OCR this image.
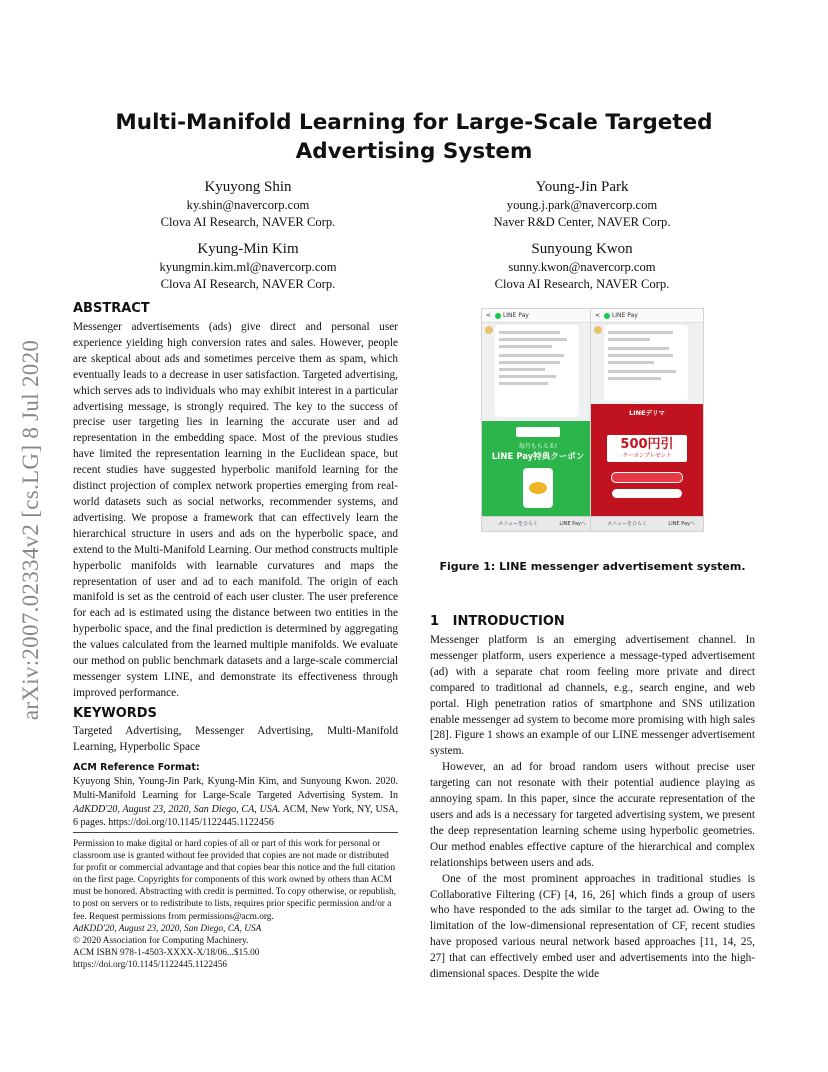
Multi-Manifold Learning for Large-Scale Targeted Advertising System
arXiv:2007.02334v2 [cs.LG] 8 Jul 2020
Kyuyong Shin
ky.shin@navercorp.com
Clova AI Research, NAVER Corp.
Young-Jin Park
young.j.park@navercorp.com
Naver R&D Center, NAVER Corp.
Kyung-Min Kim
kyungmin.kim.ml@navercorp.com
Clova AI Research, NAVER Corp.
Sunyoung Kwon
sunny.kwon@navercorp.com
Clova AI Research, NAVER Corp.
ABSTRACT
Messenger advertisements (ads) give direct and personal user experience yielding high conversion rates and sales. However, people are skeptical about ads and sometimes perceive them as spam, which eventually leads to a decrease in user satisfaction. Targeted advertising, which serves ads to individuals who may exhibit interest in a particular advertising message, is strongly required. The key to the success of precise user targeting lies in learning the accurate user and ad representation in the embedding space. Most of the previous studies have limited the representation learning in the Euclidean space, but recent studies have suggested hyperbolic manifold learning for the distinct projection of complex network properties emerging from real-world datasets such as social networks, recommender systems, and advertising. We propose a framework that can effectively learn the hierarchical structure in users and ads on the hyperbolic space, and extend to the Multi-Manifold Learning. Our method constructs multiple hyperbolic manifolds with learnable curvatures and maps the representation of user and ad to each manifold. The origin of each manifold is set as the centroid of each user cluster. The user preference for each ad is estimated using the distance between two entities in the hyperbolic space, and the final prediction is determined by aggregating the values calculated from the learned multiple manifolds. We evaluate our method on public benchmark datasets and a large-scale commercial messenger system LINE, and demonstrate its effectiveness through improved performance.
KEYWORDS
Targeted Advertising, Messenger Advertising, Multi-Manifold Learning, Hyperbolic Space
ACM Reference Format:
Kyuyong Shin, Young-Jin Park, Kyung-Min Kim, and Sunyoung Kwon. 2020. Multi-Manifold Learning for Large-Scale Targeted Advertising System. In AdKDD'20, August 23, 2020, San Diego, CA, USA. ACM, New York, NY, USA, 6 pages. https://doi.org/10.1145/1122445.1122456
Permission to make digital or hard copies of all or part of this work for personal or classroom use is granted without fee provided that copies are not made or distributed for profit or commercial advantage and that copies bear this notice and the full citation on the first page. Copyrights for components of this work owned by others than ACM must be honored. Abstracting with credit is permitted. To copy otherwise, or republish, to post on servers or to redistribute to lists, requires prior specific permission and/or a fee. Request permissions from permissions@acm.org.
AdKDD'20, August 23, 2020, San Diego, CA, USA
© 2020 Association for Computing Machinery.
ACM ISBN 978-1-4503-XXXX-X/18/06...$15.00
https://doi.org/10.1145/1122445.1122456
< LINE Pay
毎月もらえる!
LINE Pay特典クーポン
メニューをひらく	LINE Payへ
< LINE Pay
LINEデリマ
500円引
クーポンプレゼント
メニューをひらく	LINE Payへ
Figure 1: LINE messenger advertisement system.
1 INTRODUCTION

Messenger platform is an emerging advertisement channel. In messenger platform, users experience a message-typed advertisement (ad) with a separate chat room feeling more private and direct compared to traditional ad channels, e.g., search engine, and web portal. High penetration ratios of smartphone and SNS utilization enable messenger ad system to become more promising with high sales [28]. Figure 1 shows an example of our LINE messenger advertisement system.

However, an ad for broad random users without precise user targeting can not resonate with their potential audience playing as annoying spam. In this paper, since the accurate representation of the users and ads is a necessary for targeted advertising system, we present the deep representation learning scheme using hyperbolic geometries. Our method enables effective capture of the hierarchical and complex relationships between users and ads.

One of the most prominent approaches in traditional studies is Collaborative Filtering (CF) [4, 16, 26] which finds a group of users who have responded to the ads similar to the target ad. Owing to the limitation of the low-dimensional representation of CF, recent studies have proposed various neural network based approaches [11, 14, 25, 27] that can effectively embed user and advertisements into the high-dimensional spaces. Despite the wide
